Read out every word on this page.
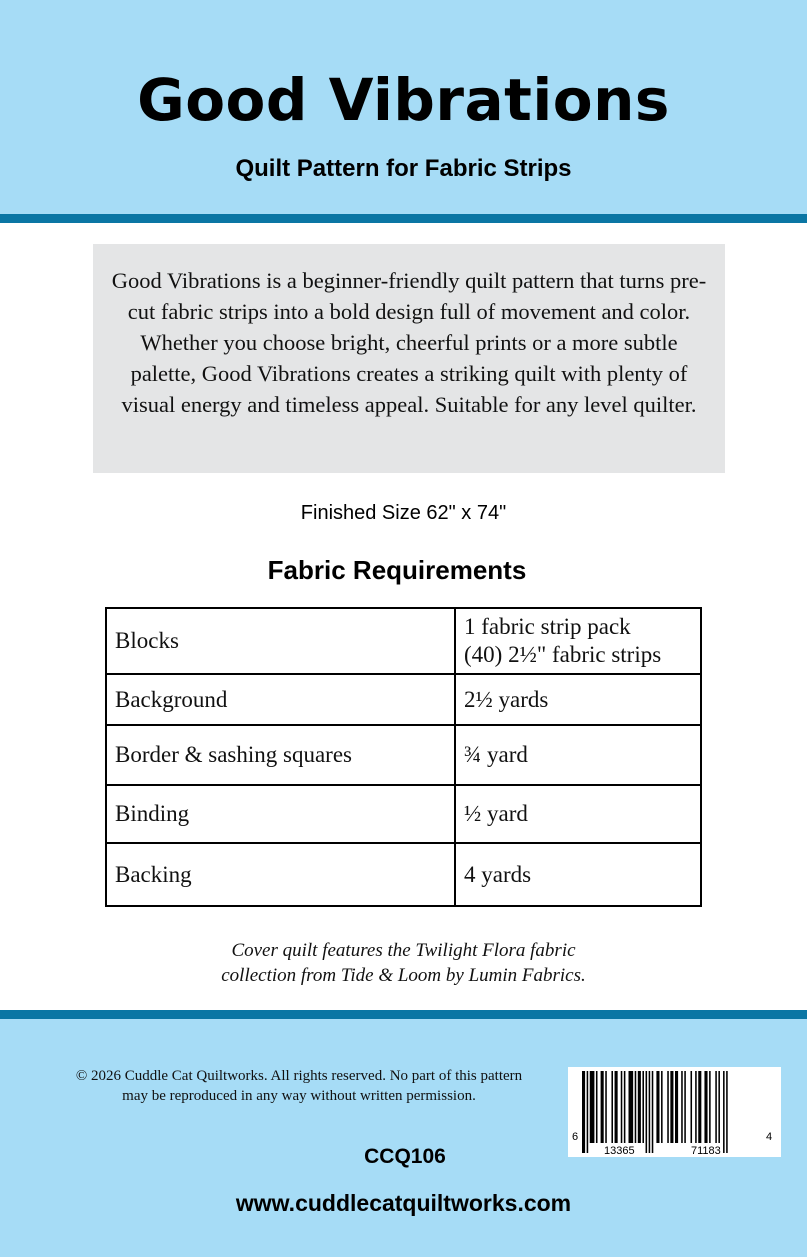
Good Vibrations
Quilt Pattern for Fabric Strips
Good Vibrations is a beginner-friendly quilt pattern that turns pre-cut fabric strips into a bold design full of movement and color. Whether you choose bright, cheerful prints or a more subtle palette, Good Vibrations creates a striking quilt with plenty of visual energy and timeless appeal. Suitable for any level quilter.
Finished Size 62" x 74"
Fabric Requirements
Blocks	1 fabric strip pack
(40) 2½" fabric strips

Background	2½ yards
Border & sashing squares	¾ yard
Binding	½ yard
Backing	4 yards
Cover quilt features the Twilight Flora fabric
collection from Tide & Loom by Lumin Fabrics.
© 2026 Cuddle Cat Quiltworks. All rights reserved. No part of this pattern
may be reproduced in any way without written permission.
CCQ106
www.cuddlecatquiltworks.com
6
13365	71183
4
